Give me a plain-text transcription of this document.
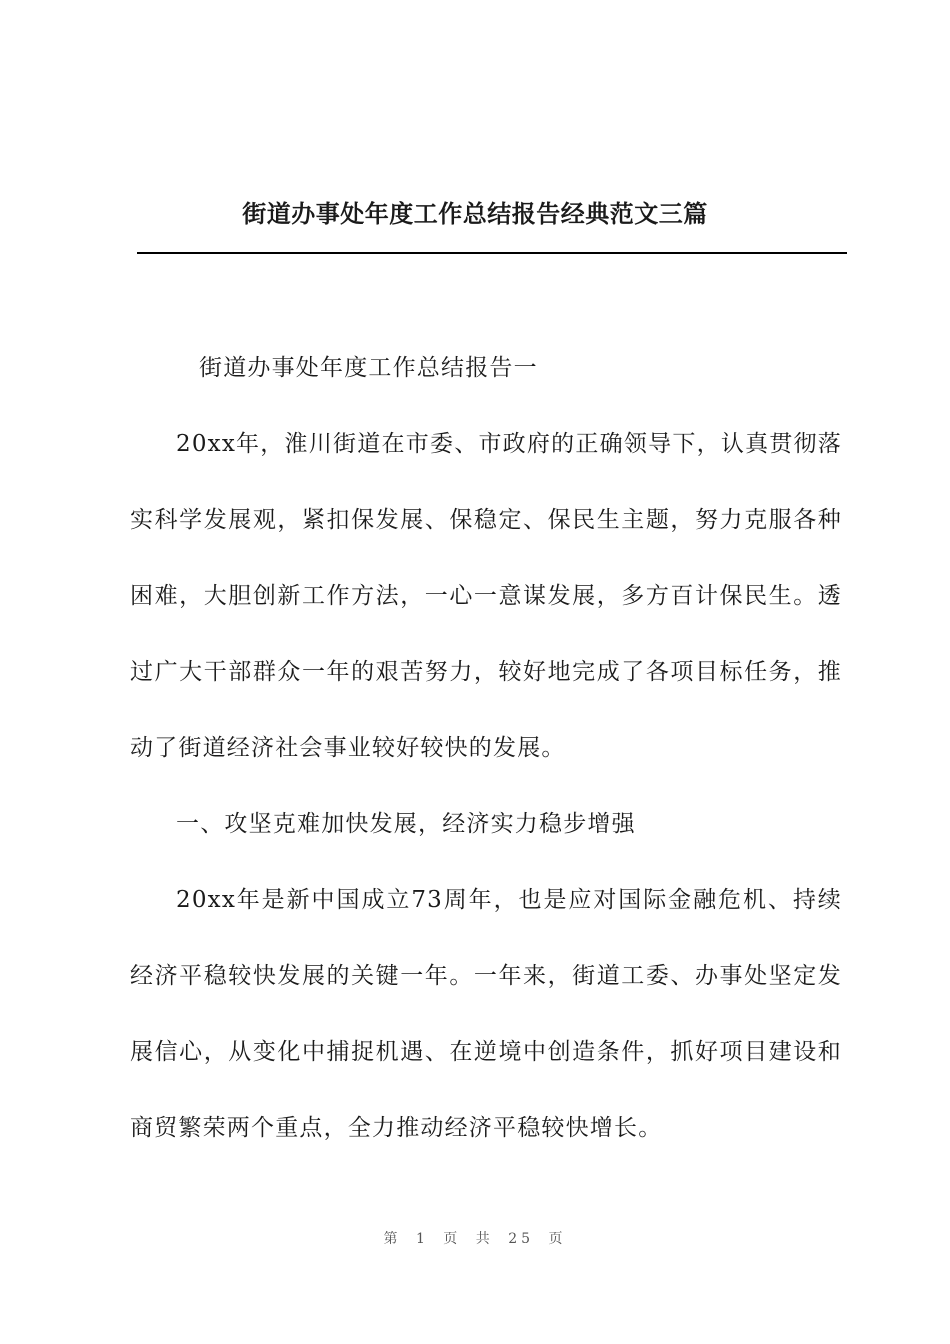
街道办事处年度工作总结报告经典范文三篇

街道办事处年度工作总结报告一

20xx年，淮川街道在市委、市政府的正确领导下，认真贯彻落实科学发展观，紧扣保发展、保稳定、保民生主题，努力克服各种困难，大胆创新工作方法，一心一意谋发展，多方百计保民生。透过广大干部群众一年的艰苦努力，较好地完成了各项目标任务，推动了街道经济社会事业较好较快的发展。

一、攻坚克难加快发展，经济实力稳步增强

20xx年是新中国成立73周年，也是应对国际金融危机、持续经济平稳较快发展的关键一年。一年来，街道工委、办事处坚定发展信心，从变化中捕捉机遇、在逆境中创造条件，抓好项目建设和商贸繁荣两个重点，全力推动经济平稳较快增长。

第 1 页 共 25 页
